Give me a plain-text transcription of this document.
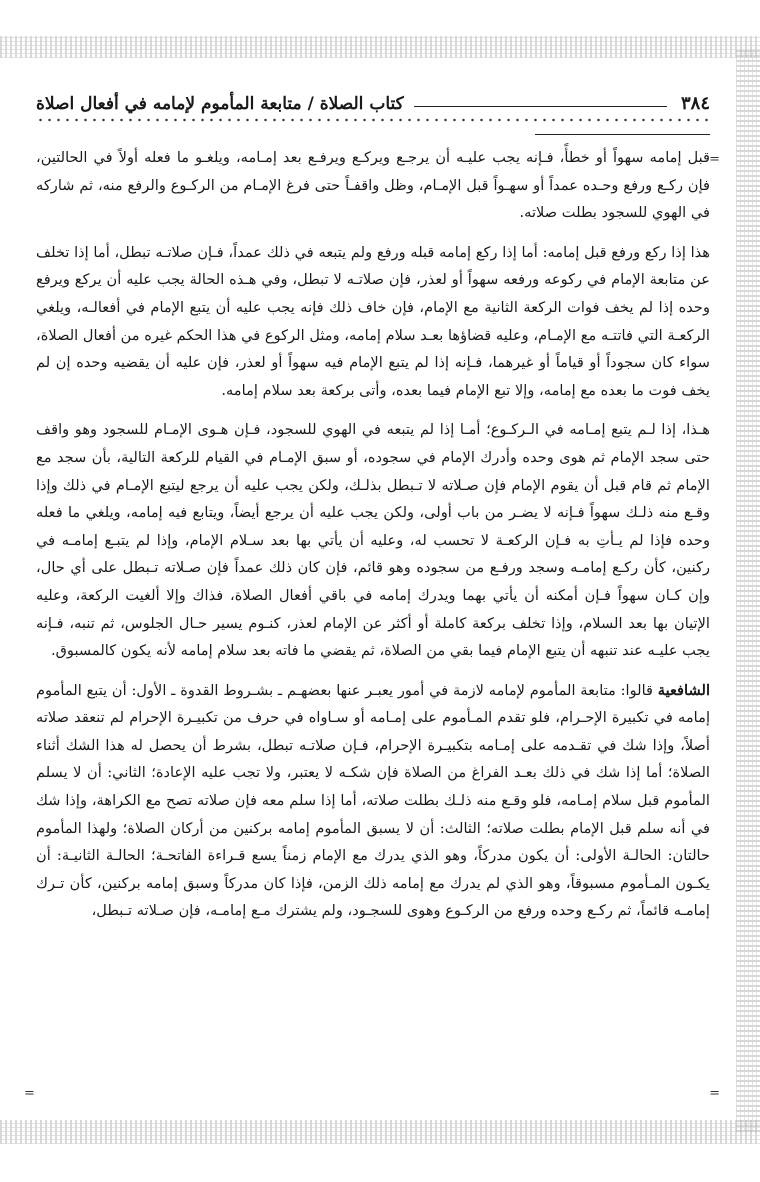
٣٨٤
كتاب الصلاة / متابعة المأموم لإمامه في أفعال اصلاة
=
=	=

قبل إمامه سهواً أو خطأً، فـإنه يجب عليـه أن يرجـع ويركـع ويرفـع بعد إمـامه، ويلغـو ما فعله أولاً في الحالتين، فإن ركـع ورفع وحـده عمداً أو سهـواً قبل الإمـام، وظل واقفـاً حتى فرغ الإمـام من الركـوع والرفع منه، ثم شاركه في الهوي للسجود بطلت صلاته.

هذا إذا ركع ورفع قبل إمامه: أما إذا ركع إمامه قبله ورفع ولم يتبعه في ذلك عمداً، فـإن صلاتـه تبطل، أما إذا تخلف عن متابعة الإمام في ركوعه ورفعه سهواً أو لعذر، فإن صلاتـه لا تبطل، وفي هـذه الحالة يجب عليه أن يركع ويرفع وحده إذا لم يخف فوات الركعة الثانية مع الإمام، فإن خاف ذلك فإنه يجب عليه أن يتبع الإمام في أفعالـه، ويلغي الركعـة التي فاتتـه مع الإمـام، وعليه قضاؤها بعـد سلام إمامه، ومثل الركوع في هذا الحكم غيره من أفعال الصلاة، سواء كان سجوداً أو قياماً أو غيرهما، فـإنه إذا لم يتبع الإمام فيه سهواً أو لعذر، فإن عليه أن يقضيه وحده إن لم يخف فوت ما بعده مع إمامه، وإلا تبع الإمام فيما بعده، وأتى بركعة بعد سلام إمامه.

هـذا، إذا لـم يتبع إمـامه في الـركـوع؛ أمـا إذا لم يتبعه في الهوي للسجود، فـإن هـوى الإمـام للسجود وهو واقف حتى سجد الإمام ثم هوى وحده وأدرك الإمام في سجوده، أو سبق الإمـام في القيام للركعة التالية، بأن سجد مع الإمام ثم قام قبل أن يقوم الإمام فإن صـلاته لا تـبطل بذلـك، ولكن يجب عليه أن يرجع ليتبع الإمـام في ذلك وإذا وقـع منه ذلـك سهواً فـإنه لا يضـر من باب أولى، ولكن يجب عليه أن يرجع أيضاً، ويتابع فيه إمامه، ويلغي ما فعله وحده فإذا لم يـأتِ به فـإن الركعـة لا تحسب له، وعليه أن يأتي بها بعد سـلام الإمام، وإذا لم يتبـع إمامـه في ركنين، كأن ركـع إمامـه وسجد ورفـع من سجوده وهو قائم، فإن كان ذلك عمداً فإن صـلاته تـبطل على أي حال، وإن كـان سهواً فـإن أمكنه أن يأتي بهما ويدرك إمامه في باقي أفعال الصلاة، فذاك وإلا ألغيت الركعة، وعليه الإتيان بها بعد السلام، وإذا تخلف بركعة كاملة أو أكثر عن الإمام لعذر، كنـوم يسير حـال الجلوس، ثم تنبه، فـإنه يجب عليـه عند تنبهه أن يتبع الإمام فيما بقي من الصلاة، ثم يقضي ما فاته بعد سلام إمامه لأنه يكون كالمسبوق.

الشافعية قالوا: متابعة المأموم لإمامه لازمة في أمور يعبـر عنها بعضهـم ـ بشـروط القدوة ـ الأول: أن يتبع المأموم إمامه في تكبيرة الإحـرام، فلو تقدم المـأموم على إمـامه أو سـاواه في حرف من تكبيـرة الإحرام لم تنعقد صلاته أصلاً، وإذا شك في تقـدمه على إمـامه بتكبيـرة الإحرام، فـإن صلاتـه تبطل، بشرط أن يحصل له هذا الشك أثناء الصلاة؛ أما إذا شك في ذلك بعـد الفراغ من الصلاة فإن شكـه لا يعتبر، ولا تجب عليه الإعادة؛ الثاني: أن لا يسلم المأموم قبل سلام إمـامه، فلو وقـع منه ذلـك بطلت صلاته، أما إذا سلم معه فإن صلاته تصح مع الكراهة، وإذا شك في أنه سلم قبل الإمام بطلت صلاته؛ الثالث: أن لا يسبق المأموم إمامه بركنين من أركان الصلاة؛ ولهذا المأموم حالتان: الحالـة الأولى: أن يكون مدركاً، وهو الذي يدرك مع الإمام زمناً يسع قـراءة الفاتحـة؛ الحالـة الثانيـة: أن يكـون المـأموم مسبوقاً، وهو الذي لم يدرك مع إمامه ذلك الزمن، فإذا كان مدركاً وسبق إمامه بركنين، كأن تـرك إمامـه قائماً، ثم ركـع وحده ورفع من الركـوع وهوى للسجـود، ولم يشترك مـع إمامـه، فإن صـلاته تـبطل،
